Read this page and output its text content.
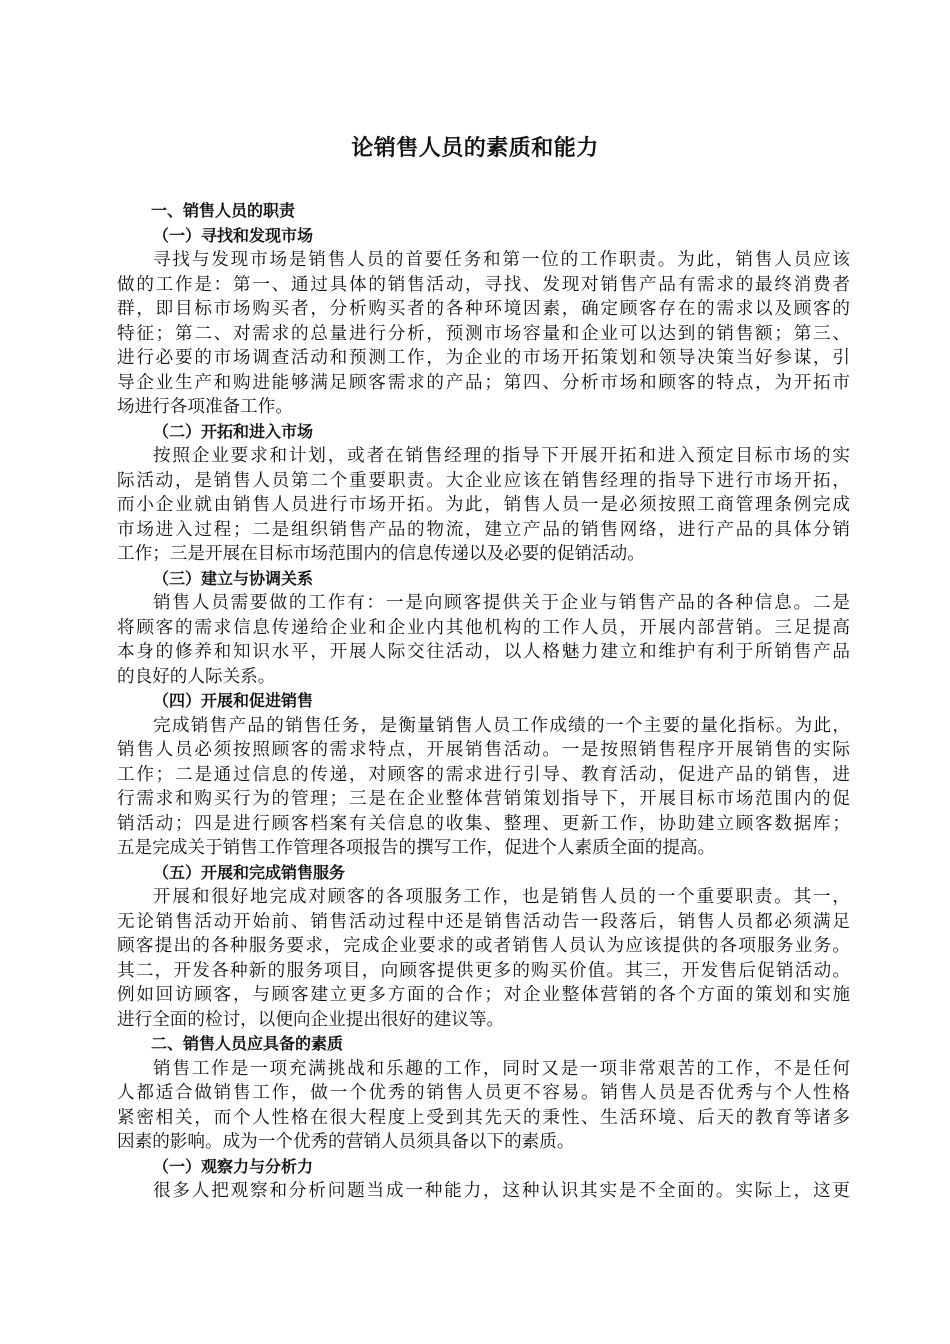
论销售人员的素质和能力
一、销售人员的职责
（一）寻找和发现市场
寻找与发现市场是销售人员的首要任务和第一位的工作职责。为此，销售人员应该
做的工作是：第一、通过具体的销售活动，寻找、发现对销售产品有需求的最终消费者
群，即目标市场购买者，分析购买者的各种环境因素，确定顾客存在的需求以及顾客的
特征；第二、对需求的总量进行分析，预测市场容量和企业可以达到的销售额；第三、
进行必要的市场调查活动和预测工作，为企业的市场开拓策划和领导决策当好参谋，引
导企业生产和购进能够满足顾客需求的产品；第四、分析市场和顾客的特点，为开拓市
场进行各项准备工作。
（二）开拓和进入市场
按照企业要求和计划，或者在销售经理的指导下开展开拓和进入预定目标市场的实
际活动，是销售人员第二个重要职责。大企业应该在销售经理的指导下进行市场开拓，
而小企业就由销售人员进行市场开拓。为此，销售人员一是必须按照工商管理条例完成
市场进入过程；二是组织销售产品的物流，建立产品的销售网络，进行产品的具体分销
工作；三是开展在目标市场范围内的信息传递以及必要的促销活动。
（三）建立与协调关系
销售人员需要做的工作有：一是向顾客提供关于企业与销售产品的各种信息。二是
将顾客的需求信息传递给企业和企业内其他机构的工作人员，开展内部营销。三足提高
本身的修养和知识水平，开展人际交往活动，以人格魅力建立和维护有利于所销售产品
的良好的人际关系。
（四）开展和促进销售
完成销售产品的销售任务，是衡量销售人员工作成绩的一个主要的量化指标。为此，
销售人员必须按照顾客的需求特点，开展销售活动。一是按照销售程序开展销售的实际
工作；二是通过信息的传递，对顾客的需求进行引导、教育活动，促进产品的销售，进
行需求和购买行为的管理；三是在企业整体营销策划指导下，开展目标市场范围内的促
销活动；四是进行顾客档案有关信息的收集、整理、更新工作，协助建立顾客数据库；
五是完成关于销售工作管理各项报告的撰写工作，促进个人素质全面的提高。
（五）开展和完成销售服务
开展和很好地完成对顾客的各项服务工作，也是销售人员的一个重要职责。其一，
无论销售活动开始前、销售活动过程中还是销售活动告一段落后，销售人员都必须满足
顾客提出的各种服务要求，完成企业要求的或者销售人员认为应该提供的各项服务业务。
其二，开发各种新的服务项目，向顾客提供更多的购买价值。其三，开发售后促销活动。
例如回访顾客，与顾客建立更多方面的合作；对企业整体营销的各个方面的策划和实施
进行全面的检讨，以便向企业提出很好的建议等。
二、销售人员应具备的素质
销售工作是一项充满挑战和乐趣的工作，同时又是一项非常艰苦的工作，不是任何
人都适合做销售工作，做一个优秀的销售人员更不容易。销售人员是否优秀与个人性格
紧密相关，而个人性格在很大程度上受到其先天的秉性、生活环境、后天的教育等诸多
因素的影响。成为一个优秀的营销人员须具备以下的素质。
（一）观察力与分析力
很多人把观察和分析问题当成一种能力，这种认识其实是不全面的。实际上，这更
